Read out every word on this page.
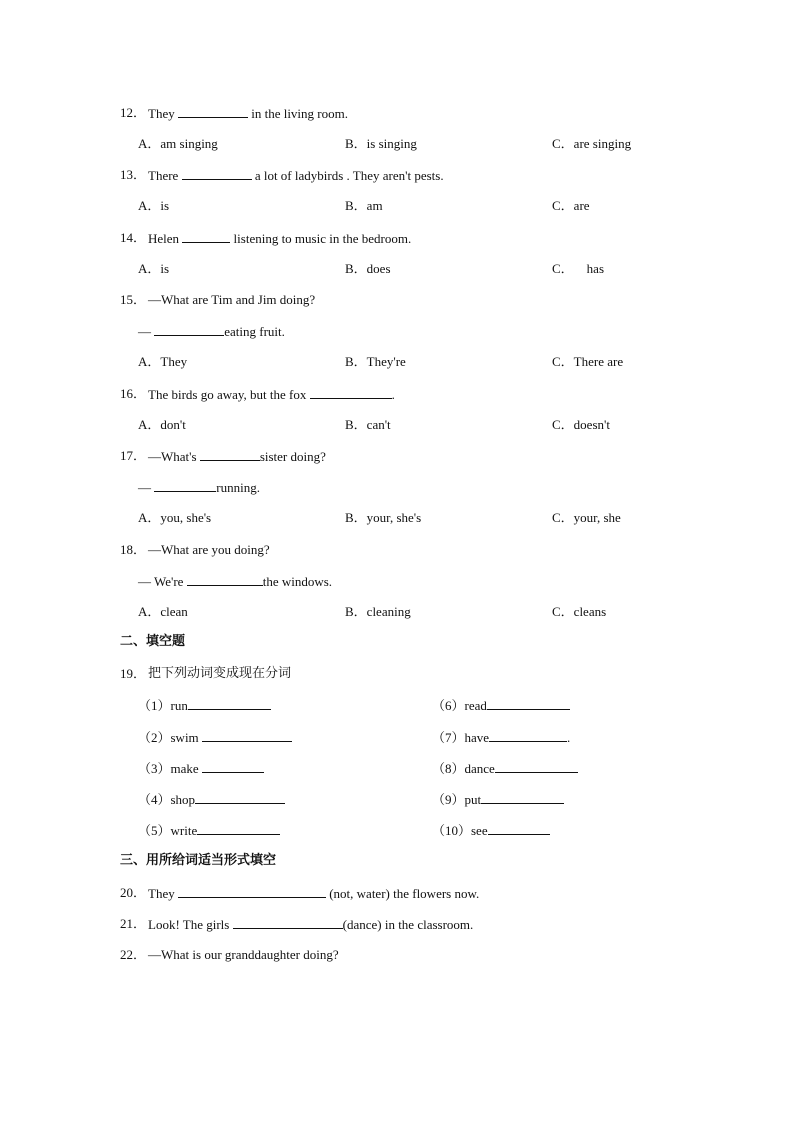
12． They	in the living room.
A．am singing	B．is singing	C．are singing
13． There	a lot of ladybirds . They aren't pests.
A．is	B．am	C．are
14． Helen	listening to music in the bedroom.
A．is	B．does	C．    has
15． —What are Tim and Jim doing?
—	eating fruit.
A．They	B．They're	C．There are
16． The birds go away, but the fox	.
A．don't	B．can't	C．doesn't
17． —What's	sister doing?
—	running.
A．you, she's	B．your, she's	C．your, she
18． —What are you doing?
— We're	the windows.
A．clean	B．cleaning	C．cleans
二、填空题
19． 把下列动词变成现在分词
（1）run	（6）read
（2）swim	（7）have	.
（3）make	（8）dance
（4）shop	（9）put
（5）write	（10）see
三、用所给词适当形式填空
20． They	(not, water) the flowers now.
21． Look! The girls	(dance) in the classroom.
22． —What is our granddaughter doing?
